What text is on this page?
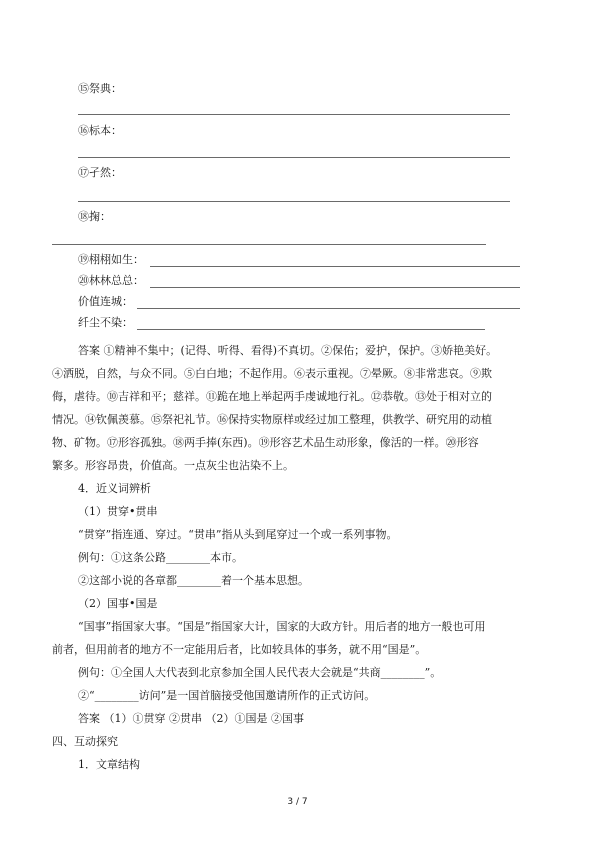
⑮祭典：
⑯标本：
⑰孑然：
⑱掬：
⑲栩栩如生：
⑳林林总总：
价值连城：
纤尘不染：
答案 ①精神不集中；(记得、听得、看得)不真切。②保佑；爱护，保护。③娇艳美好。
④洒脱，自然，与众不同。⑤白白地；不起作用。⑥表示重视。⑦晕厥。⑧非常悲哀。⑨欺
侮，虐待。⑩吉祥和平；慈祥。⑪跪在地上举起两手虔诚地行礼。⑫恭敬。⑬处于相对立的
情况。⑭钦佩羡慕。⑮祭祀礼节。⑯保持实物原样或经过加工整理，供教学、研究用的动植
物、矿物。⑰形容孤独。⑱两手捧(东西)。⑲形容艺术品生动形象，像活的一样。⑳形容
繁多。形容昂贵，价值高。一点灰尘也沾染不上。
4．近义词辨析
（1）贯穿•贯串
“贯穿”指连通、穿过。“贯串”指从头到尾穿过一个或一系列事物。
例句：①这条公路________本市。
②这部小说的各章都________着一个基本思想。
（2）国事•国是
“国事”指国家大事。“国是”指国家大计，国家的大政方针。用后者的地方一般也可用
前者，但用前者的地方不一定能用后者，比如较具体的事务，就不用“国是”。
例句：①全国人大代表到北京参加全国人民代表大会就是“共商________”。
②“________访问”是一国首脑接受他国邀请所作的正式访问。
答案 （1）①贯穿 ②贯串 （2）①国是 ②国事
四、互动探究
1．文章结构
3 / 7
